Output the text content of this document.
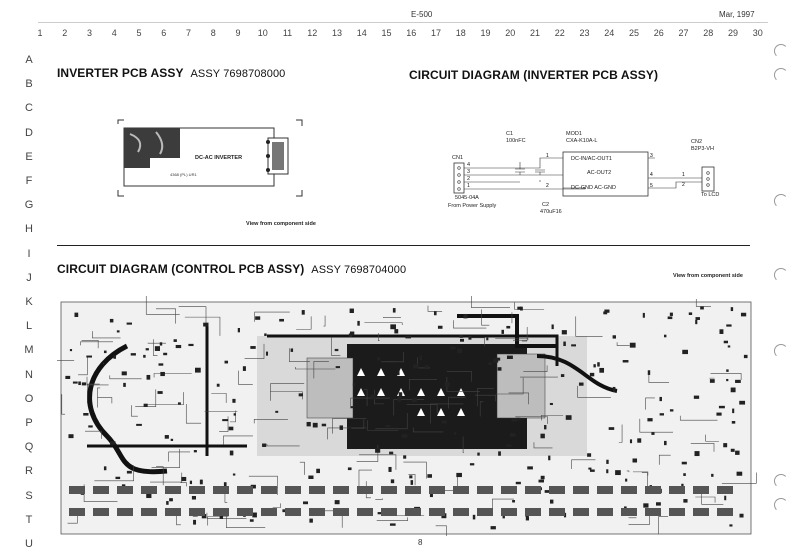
E-500	Mar, 1997
1	2	3	4	5	6	7	8	9	10	11	12	13	14	15	16	17	18	19	20	21	22	23	24	25	26	27	28	29	30
A
B
C
D
E
F
G
H
I
J
K
L
M
N
O
P
Q
R
S
T
U
INVERTER PCB ASSY ASSY 7698708000	CIRCUIT DIAGRAM (INVERTER PCB ASSY)
4368 (PL) UR1
DC-AC INVERTER
View from component side
1
2
3
4
5
1
2
C1
100nFC
MOD1
CXA-K10A-L	CN2
B2P3-VH
CN1
5045-04A
From Power Supply	C2
470uF16
To LCD
DC-IN/AC-OUT1
AC-OUT2
DC-GND AC-GND
4
3
2
1
CIRCUIT DIAGRAM (CONTROL PCB ASSY) ASSY 7698704000	View from component side
8
